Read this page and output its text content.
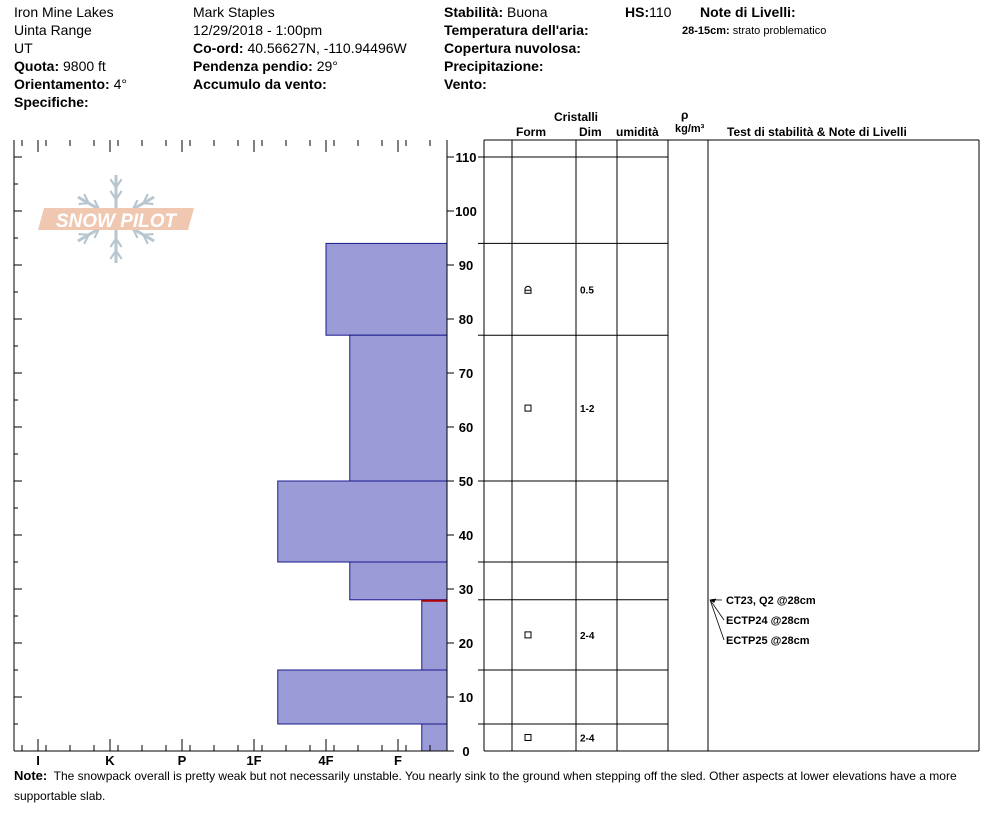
Iron Mine Lakes
Uinta Range
UT
Quota: 9800 ft
Orientamento: 4°
Specifiche:
Mark Staples
12/29/2018 - 1:00pm
Co-ord: 40.56627N, -110.94496W
Pendenza pendio: 29°
Accumulo da vento:
Stabilità: Buona
Temperatura dell'aria:
Copertura nuvolosa:
Precipitazione:
Vento:
HS:110 Note di Livelli:
28-15cm: strato problematico
Cristalli
Form	Dim umidità
ρ
kg/m³ Test di stabilità & Note di Livelli
SNOW PILOT
I	K	P	1F	4F	F
0
10
20
30
40
50
60
70
80
90
100
110
0.5
1-2
2-4
2-4
CT23, Q2 @28cm
ECTP24 @28cm
ECTP25 @28cm
Note: The snowpack overall is pretty weak but not necessarily unstable. You nearly sink to the ground when stepping off the sled. Other aspects at lower elevations have a more supportable slab.
